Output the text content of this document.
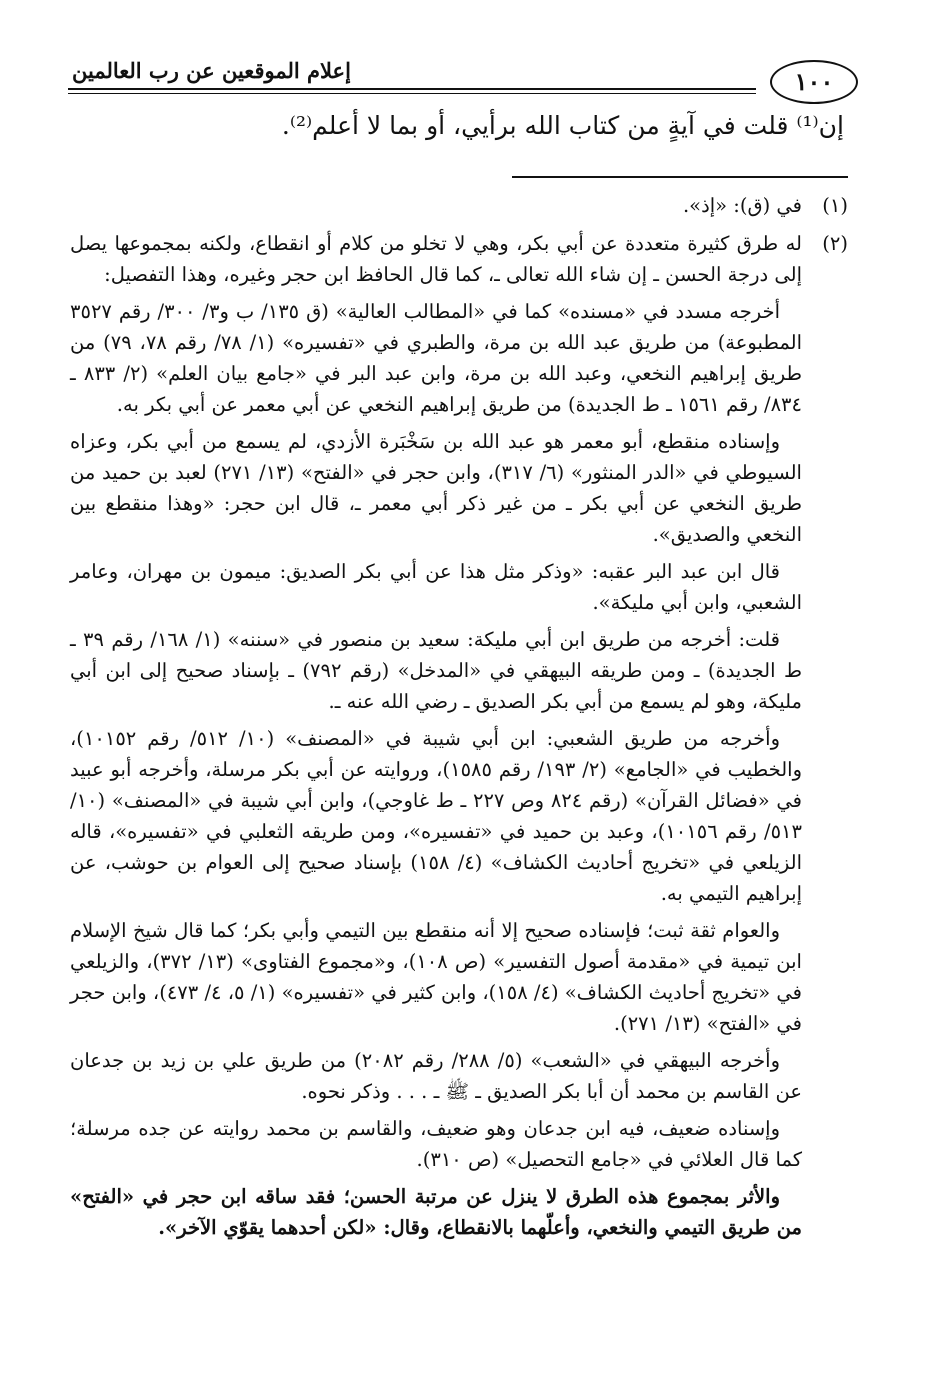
إعلام الموقعين عن رب العالمين	١٠٠
إن⁽¹⁾ قلت في آيةٍ من كتاب الله برأيي، أو بما لا أعلم⁽²⁾.
(١)

في (ق): «إذ».

(٢)

له طرق كثيرة متعددة عن أبي بكر، وهي لا تخلو من كلام أو انقطاع، ولكنه بمجموعها يصل إلى درجة الحسن ـ إن شاء الله تعالى ـ، كما قال الحافظ ابن حجر وغيره، وهذا التفصيل:

أخرجه مسدد في «مسنده» كما في «المطالب العالية» (ق ١٣٥/ ب و٣/ ٣٠٠/ رقم ٣٥٢٧ المطبوعة) من طريق عبد الله بن مرة، والطبري في «تفسيره» (١/ ٧٨/ رقم ٧٨، ٧٩) من طريق إبراهيم النخعي، وعبد الله بن مرة، وابن عبد البر في «جامع بيان العلم» (٢/ ٨٣٣ ـ ٨٣٤/ رقم ١٥٦١ ـ ط الجديدة) من طريق إبراهيم النخعي عن أبي معمر عن أبي بكر به.

وإسناده منقطع، أبو معمر هو عبد الله بن سَخْبَرة الأزدي، لم يسمع من أبي بكر، وعزاه السيوطي في «الدر المنثور» (٦/ ٣١٧)، وابن حجر في «الفتح» (١٣/ ٢٧١) لعبد بن حميد من طريق النخعي عن أبي بكر ـ من غير ذكر أبي معمر ـ، قال ابن حجر: «وهذا منقطع بين النخعي والصديق».

قال ابن عبد البر عقبه: «وذكر مثل هذا عن أبي بكر الصديق: ميمون بن مهران، وعامر الشعبي، وابن أبي مليكة».

قلت: أخرجه من طريق ابن أبي مليكة: سعيد بن منصور في «سننه» (١/ ١٦٨/ رقم ٣٩ ـ ط الجديدة) ـ ومن طريقه البيهقي في «المدخل» (رقم ٧٩٢) ـ بإسناد صحيح إلى ابن أبي مليكة، وهو لم يسمع من أبي بكر الصديق ـ رضي الله عنه ـ.

وأخرجه من طريق الشعبي: ابن أبي شيبة في «المصنف» (١٠/ ٥١٢/ رقم ١٠١٥٢)، والخطيب في «الجامع» (٢/ ١٩٣/ رقم ١٥٨٥)، وروايته عن أبي بكر مرسلة، وأخرجه أبو عبيد في «فضائل القرآن» (رقم ٨٢٤ وص ٢٢٧ ـ ط غاوجي)، وابن أبي شيبة في «المصنف» (١٠/ ٥١٣/ رقم ١٠١٥٦)، وعبد بن حميد في «تفسيره»، ومن طريقه الثعلبي في «تفسيره»، قاله الزيلعي في «تخريج أحاديث الكشاف» (٤/ ١٥٨) بإسناد صحيح إلى العوام بن حوشب، عن إبراهيم التيمي به.

والعوام ثقة ثبت؛ فإسناده صحيح إلا أنه منقطع بين التيمي وأبي بكر؛ كما قال شيخ الإسلام ابن تيمية في «مقدمة أصول التفسير» (ص ١٠٨)، و«مجموع الفتاوى» (١٣/ ٣٧٢)، والزيلعي في «تخريج أحاديث الكشاف» (٤/ ١٥٨)، وابن كثير في «تفسيره» (١/ ٥، ٤/ ٤٧٣)، وابن حجر في «الفتح» (١٣/ ٢٧١).

وأخرجه البيهقي في «الشعب» (٥/ ٢٨٨/ رقم ٢٠٨٢) من طريق علي بن زيد بن جدعان عن القاسم بن محمد أن أبا بكر الصديق ـ ﷺ ـ . . . وذكر نحوه.

وإسناده ضعيف، فيه ابن جدعان وهو ضعيف، والقاسم بن محمد روايته عن جده مرسلة؛ كما قال العلائي في «جامع التحصيل» (ص ٣١٠).

والأثر بمجموع هذه الطرق لا ينزل عن مرتبة الحسن؛ فقد ساقه ابن حجر في «الفتح» من طريق التيمي والنخعي، وأعلّهما بالانقطاع، وقال: «لكن أحدهما يقوّي الآخر».
